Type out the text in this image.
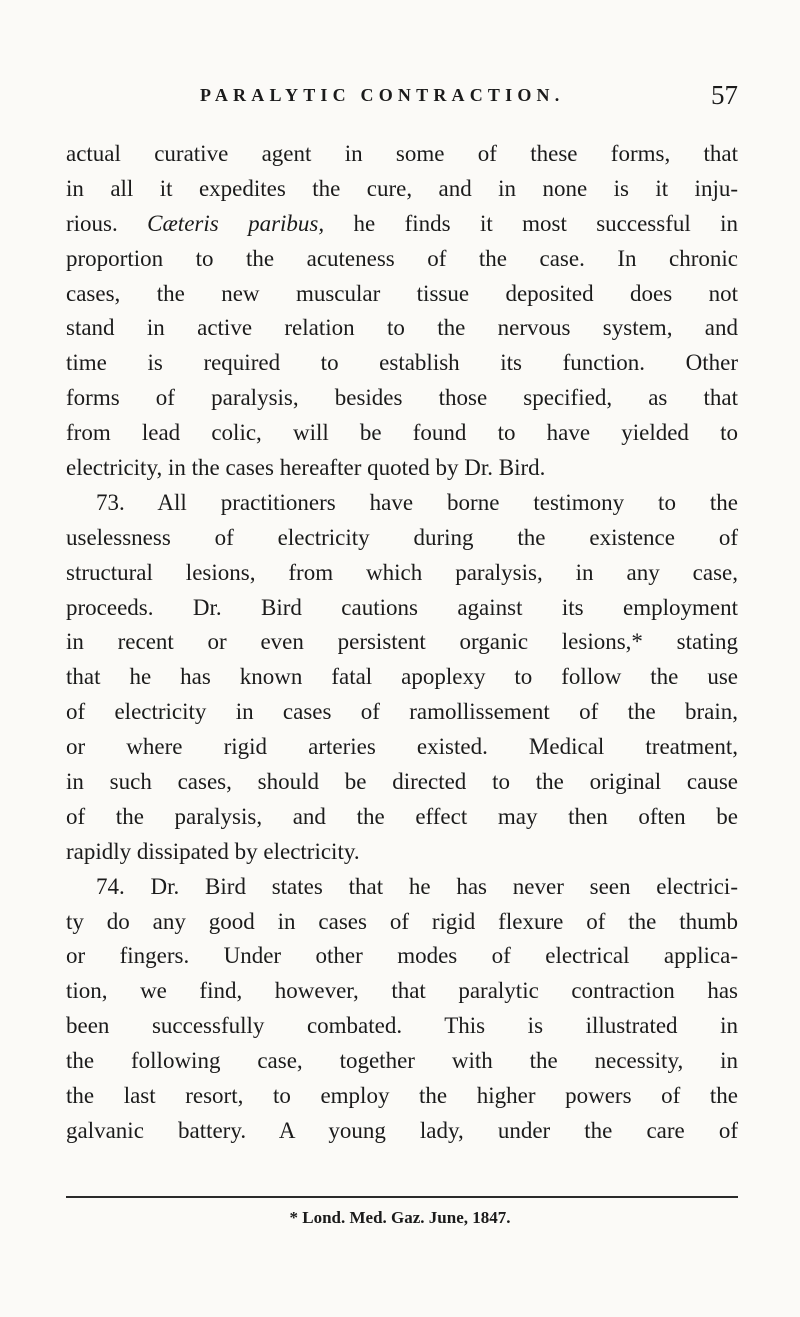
PARALYTIC CONTRACTION.	57
actual curative agent in some of these forms, that
in all it expedites the cure, and in none is it inju-
rious. Cæteris paribus, he finds it most successful in
proportion to the acuteness of the case. In chronic
cases, the new muscular tissue deposited does not
stand in active relation to the nervous system, and
time is required to establish its function. Other
forms of paralysis, besides those specified, as that
from lead colic, will be found to have yielded to
electricity, in the cases hereafter quoted by Dr. Bird.
73. All practitioners have borne testimony to the
uselessness of electricity during the existence of
structural lesions, from which paralysis, in any case,
proceeds. Dr. Bird cautions against its employment
in recent or even persistent organic lesions,* stating
that he has known fatal apoplexy to follow the use
of electricity in cases of ramollissement of the brain,
or where rigid arteries existed. Medical treatment,
in such cases, should be directed to the original cause
of the paralysis, and the effect may then often be
rapidly dissipated by electricity.
74. Dr. Bird states that he has never seen electrici-
ty do any good in cases of rigid flexure of the thumb
or fingers. Under other modes of electrical applica-
tion, we find, however, that paralytic contraction has
been successfully combated. This is illustrated in
the following case, together with the necessity, in
the last resort, to employ the higher powers of the
galvanic battery. A young lady, under the care of
* Lond. Med. Gaz. June, 1847.
